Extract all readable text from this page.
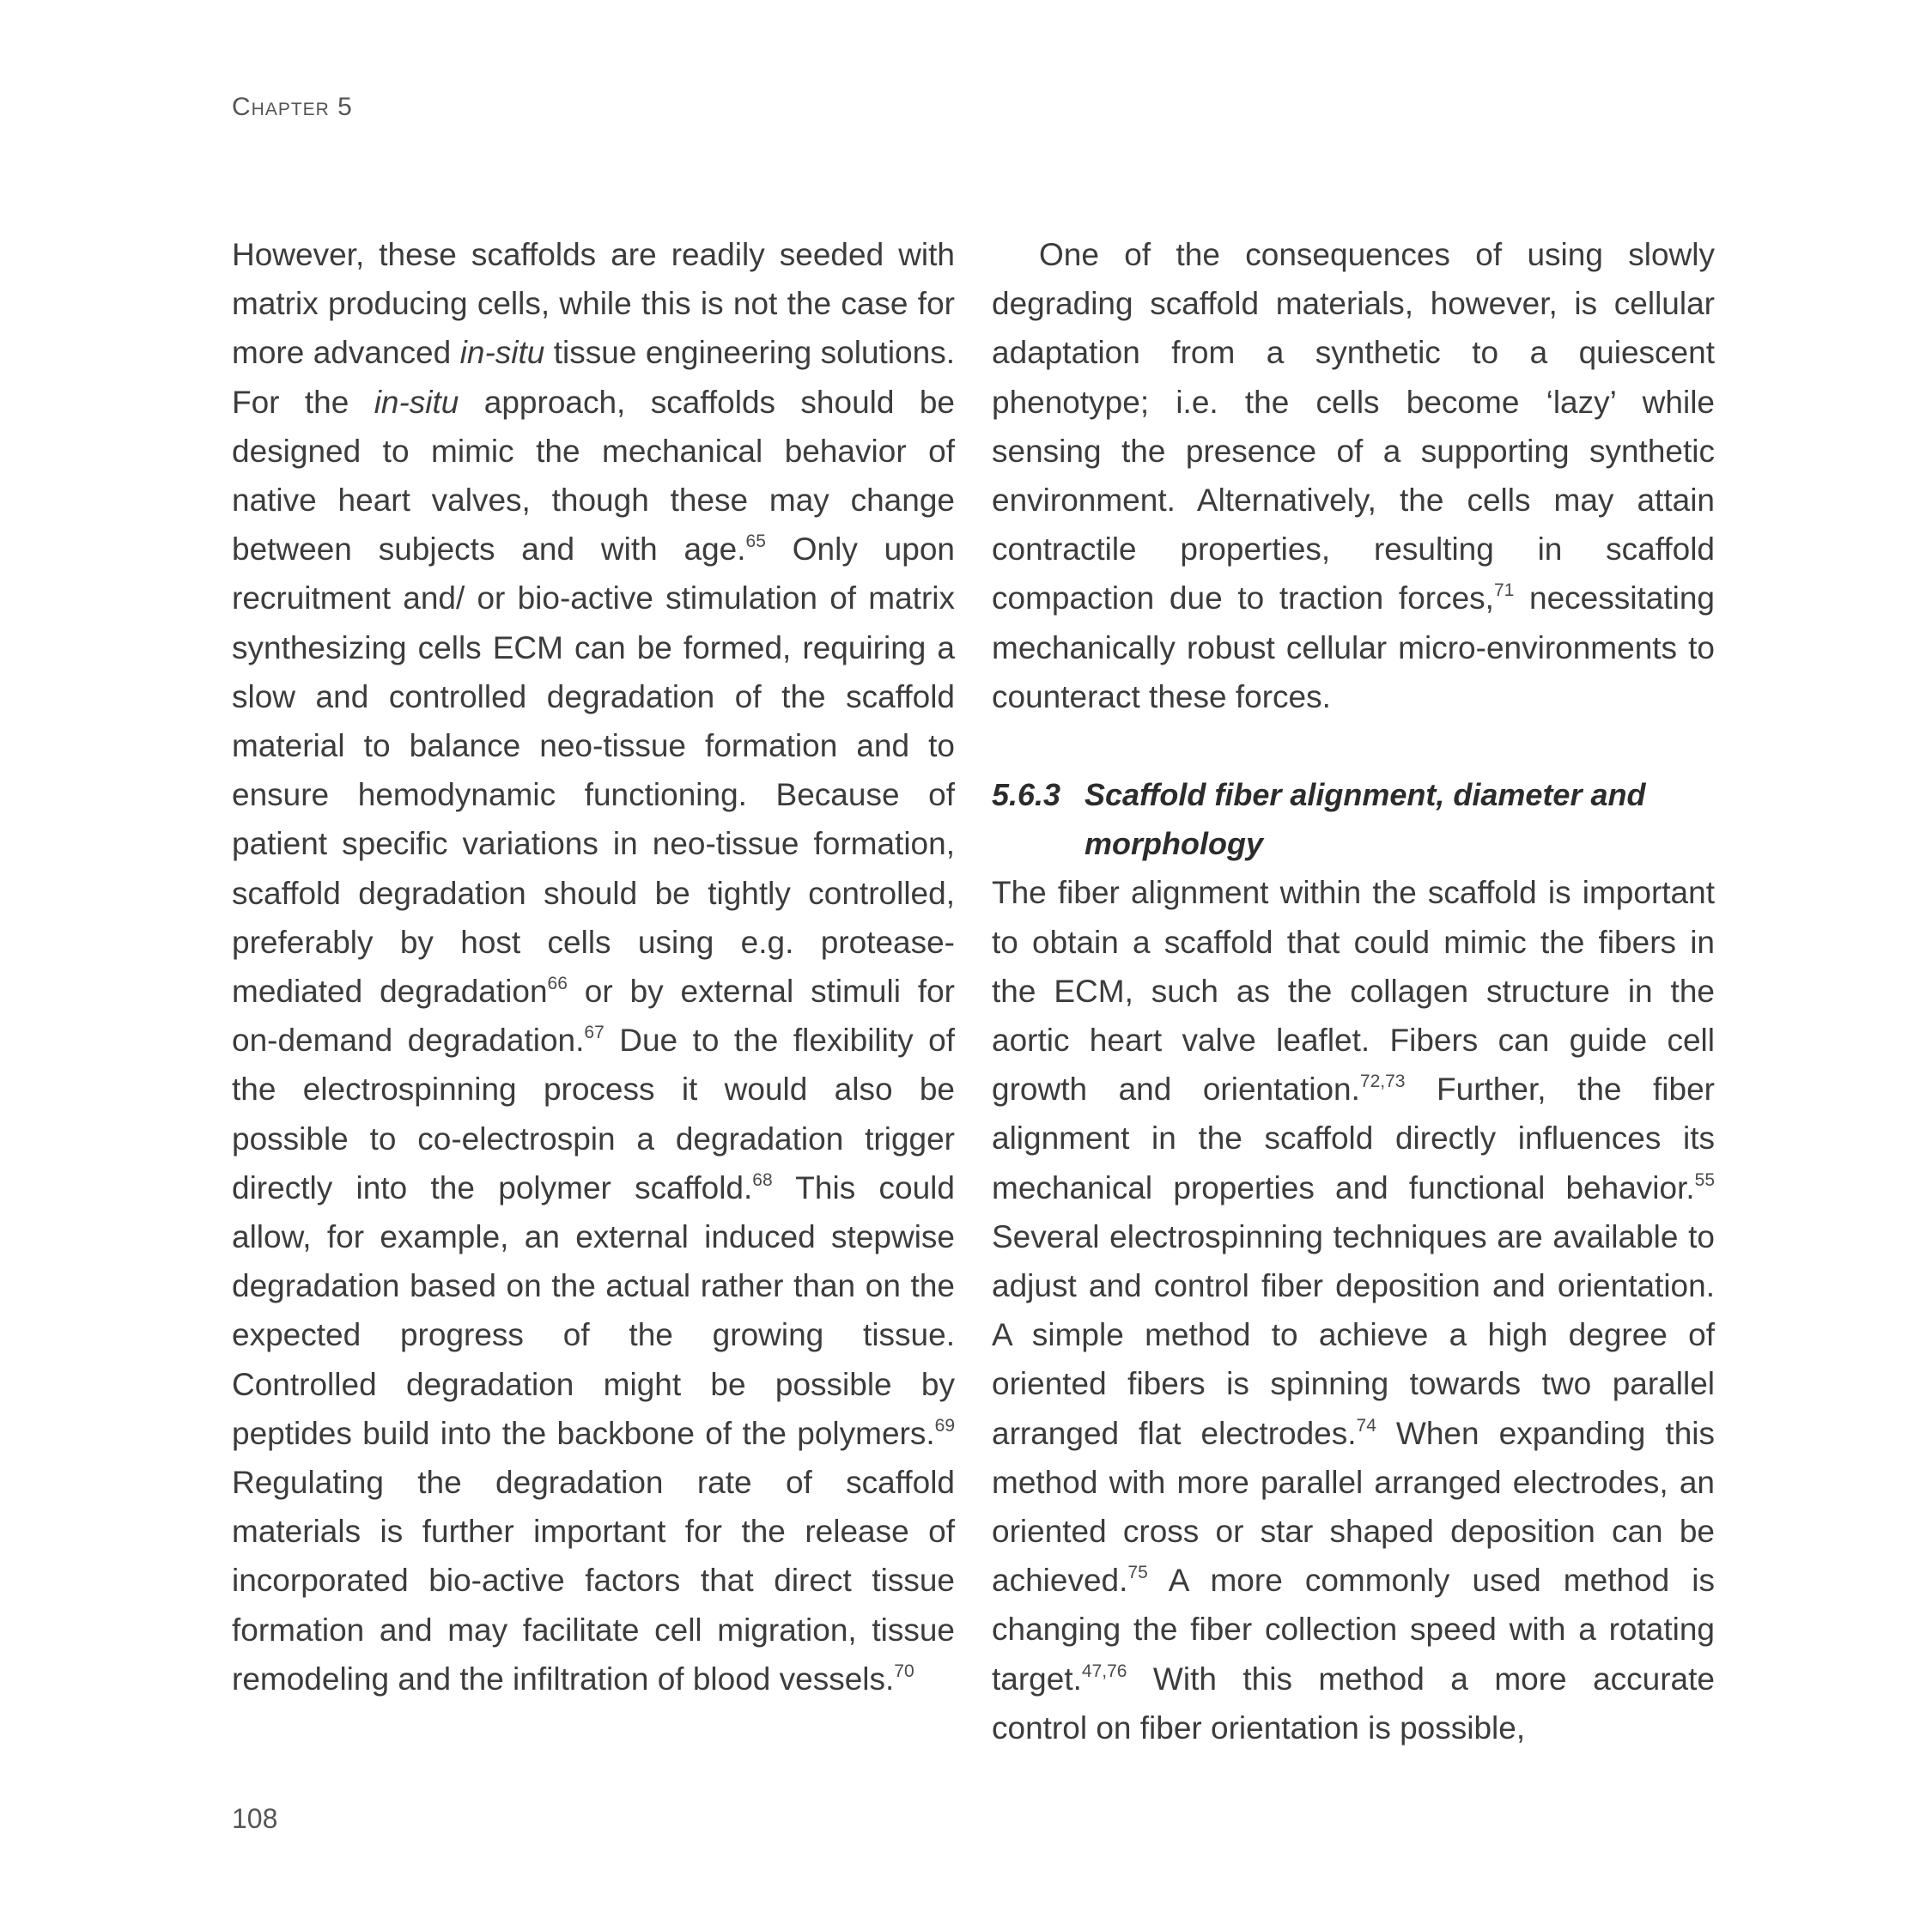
Chapter 5

However, these scaffolds are readily seeded with matrix producing cells, while this is not the case for more advanced in-situ tissue engineering solutions. For the in-situ approach, scaffolds should be designed to mimic the mechanical behavior of native heart valves, though these may change between subjects and with age.$^{65}$ Only upon recruitment and/ or bio-active stimulation of matrix synthesizing cells ECM can be formed, requiring a slow and controlled degradation of the scaffold material to balance neo-tissue formation and to ensure hemodynamic functioning. Because of patient specific variations in neo-tissue formation, scaffold degradation should be tightly controlled, preferably by host cells using e.g. protease-mediated degradation$^{66}$ or by external stimuli for on-demand degradation.$^{67}$ Due to the flexibility of the electrospinning process it would also be possible to co-electrospin a degradation trigger directly into the polymer scaffold.$^{68}$ This could allow, for example, an external induced stepwise degradation based on the actual rather than on the expected progress of the growing tissue. Controlled degradation might be possible by peptides build into the backbone of the polymers.$^{69}$ Regulating the degradation rate of scaffold materials is further important for the release of incorporated bio-active factors that direct tissue formation and may facilitate cell migration, tissue remodeling and the infiltration of blood vessels.$^{70}$

One of the consequences of using slowly degrading scaffold materials, however, is cellular adaptation from a synthetic to a quiescent phenotype; i.e. the cells become ‘lazy’ while sensing the presence of a supporting synthetic environment. Alternatively, the cells may attain contractile properties, resulting in scaffold compaction due to traction forces,$^{71}$ necessitating mechanically robust cellular micro-environments to counteract these forces.

5.6.3 Scaffold fiber alignment, diameter and morphology

The fiber alignment within the scaffold is important to obtain a scaffold that could mimic the fibers in the ECM, such as the collagen structure in the aortic heart valve leaflet. Fibers can guide cell growth and orientation.$^{72,73}$ Further, the fiber alignment in the scaffold directly influences its mechanical properties and functional behavior.$^{55}$ Several electrospinning techniques are available to adjust and control fiber deposition and orientation. A simple method to achieve a high degree of oriented fibers is spinning towards two parallel arranged flat electrodes.$^{74}$ When expanding this method with more parallel arranged electrodes, an oriented cross or star shaped deposition can be achieved.$^{75}$ A more commonly used method is changing the fiber collection speed with a rotating target.$^{47,76}$ With this method a more accurate control on fiber orientation is possible,

108
